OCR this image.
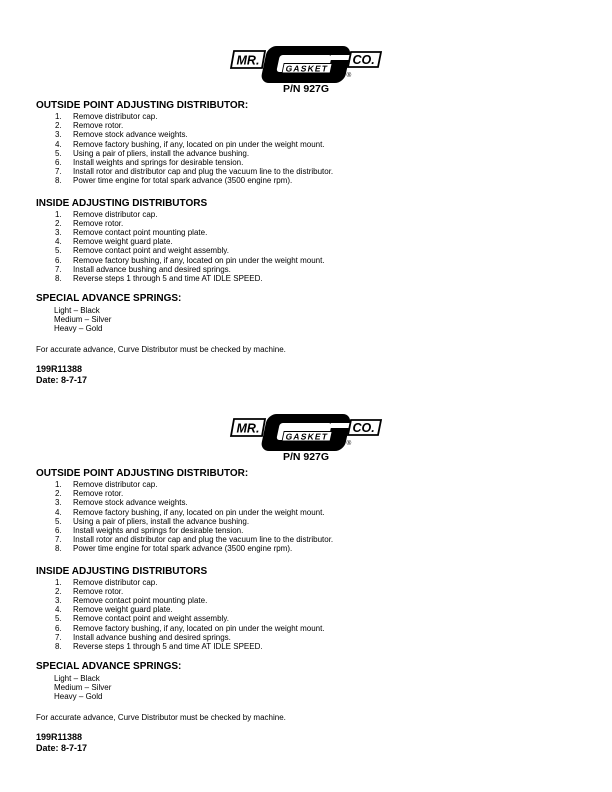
MR.
GASKET
CO.
®
P/N 927G
OUTSIDE POINT ADJUSTING DISTRIBUTOR:
1.	Remove distributor cap.
2.	Remove rotor.
3.	Remove stock advance weights.
4.	Remove factory bushing, if any, located on pin under the weight mount.
5.	Using a pair of pliers, install the advance bushing.
6.	Install weights and springs for desirable tension.
7.	Install rotor and distributor cap and plug the vacuum line to the distributor.
8.	Power time engine for total spark advance (3500 engine rpm).
INSIDE ADJUSTING DISTRIBUTORS
1.	Remove distributor cap.
2.	Remove rotor.
3.	Remove contact point mounting plate.
4.	Remove weight guard plate.
5.	Remove contact point and weight assembly.
6.	Remove factory bushing, if any, located on pin under the weight mount.
7.	Install advance bushing and desired springs.
8.	Reverse steps 1 through 5 and time AT IDLE SPEED.
SPECIAL ADVANCE SPRINGS:
Light – Black
Medium – Silver
Heavy – Gold
For accurate advance, Curve Distributor must be checked by machine.
199R11388
Date: 8-7-17
MR.
GASKET
CO.
®
P/N 927G
OUTSIDE POINT ADJUSTING DISTRIBUTOR:
1.	Remove distributor cap.
2.	Remove rotor.
3.	Remove stock advance weights.
4.	Remove factory bushing, if any, located on pin under the weight mount.
5.	Using a pair of pliers, install the advance bushing.
6.	Install weights and springs for desirable tension.
7.	Install rotor and distributor cap and plug the vacuum line to the distributor.
8.	Power time engine for total spark advance (3500 engine rpm).
INSIDE ADJUSTING DISTRIBUTORS
1.	Remove distributor cap.
2.	Remove rotor.
3.	Remove contact point mounting plate.
4.	Remove weight guard plate.
5.	Remove contact point and weight assembly.
6.	Remove factory bushing, if any, located on pin under the weight mount.
7.	Install advance bushing and desired springs.
8.	Reverse steps 1 through 5 and time AT IDLE SPEED.
SPECIAL ADVANCE SPRINGS:
Light – Black
Medium – Silver
Heavy – Gold
For accurate advance, Curve Distributor must be checked by machine.
199R11388
Date: 8-7-17
